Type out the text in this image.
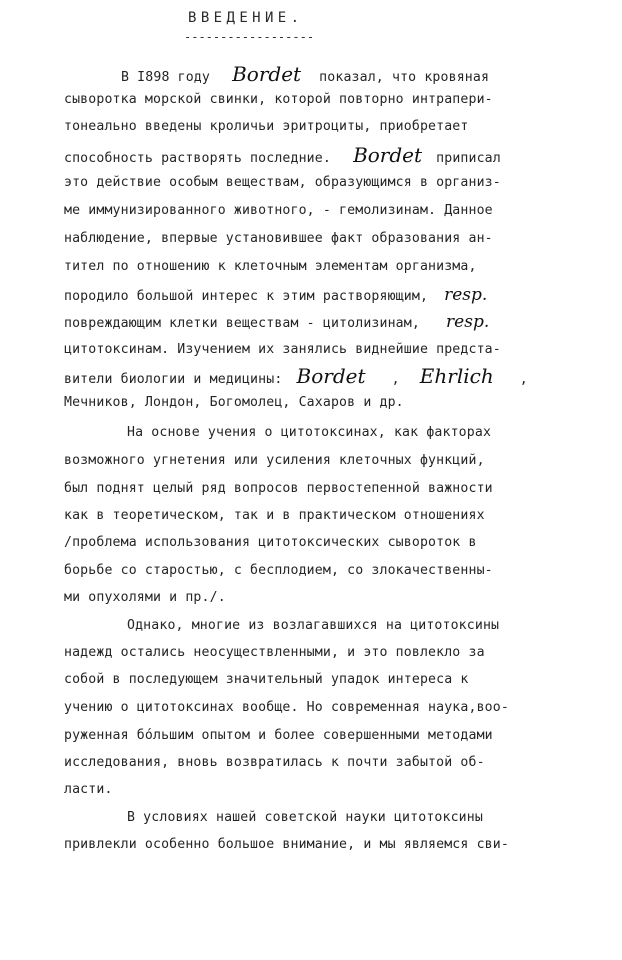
ВВЕДЕНИЕ.
------------------
В I898 году Bordet показал, что кровяная
сыворотка морской свинки, которой повторно интрапери-
тонеально введены кроличьи эритроциты, приобретает
способность растворять последние. Bordet приписал
это действие особым веществам, образующимся в организ-
ме иммунизированного животного, - гемолизинам. Данное
наблюдение, впервые установившее факт образования ан-
тител по отношению к клеточным элементам организма,
породило большой интерес к этим растворяющим, resp.
повреждающим клетки веществам - цитолизинам, resp.
цитотоксинам. Изучением их занялись виднейшие предста-
вители биологии и медицины: Bordet , Ehrlich ,
Мечников, Лондон, Богомолец, Сахаров и др.
На основе учения о цитотоксинах, как факторах
возможного угнетения или усиления клеточных функций,
был поднят целый ряд вопросов первостепенной важности
как в теоретическом, так и в практическом отношениях
/проблема использования цитотоксических сывороток в
борьбе со старостью, с бесплодием, со злокачественны-
ми опухолями и пр./.
Однако, многие из возлагавшихся на цитотоксины
надежд остались неосуществленными, и это повлекло за
собой в последующем значительный упадок интереса к
учению о цитотоксинах вообще. Но современная наука,воо-
руженная бо́льшим опытом и более совершенными методами
исследования, вновь возвратилась к почти забытой об-
ласти.
В условиях нашей советской науки цитотоксины
привлекли особенно большое внимание, и мы являемся сви-
